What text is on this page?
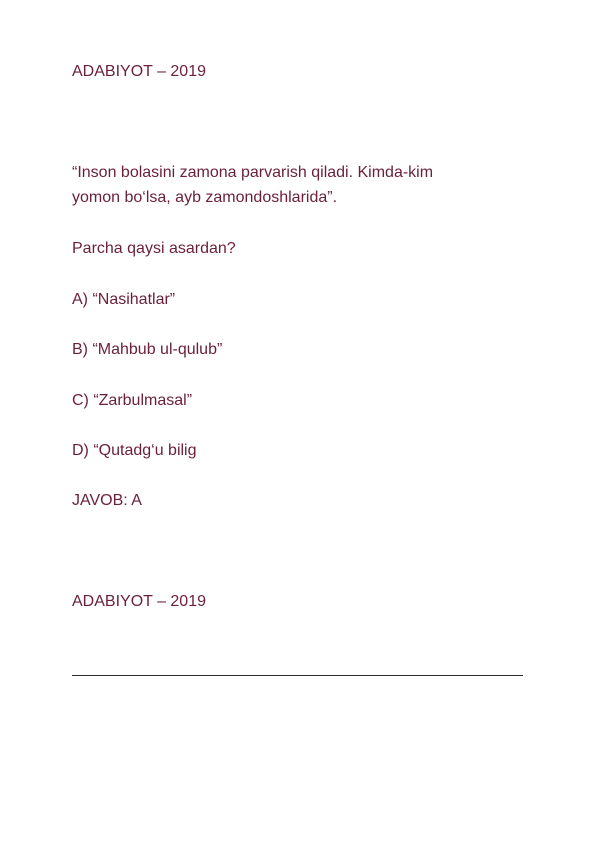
ADABIYOT – 2019

“Inson bolasini zamona parvarish qiladi. Kimda-kim
yomon bo‘lsa, ayb zamondoshlarida”.

Parcha qaysi asardan?

A) “Nasihatlar”

B) “Mahbub ul-qulub”

C) “Zarbulmasal”

D) “Qutadg‘u bilig

JAVOB: A

ADABIYOT – 2019
